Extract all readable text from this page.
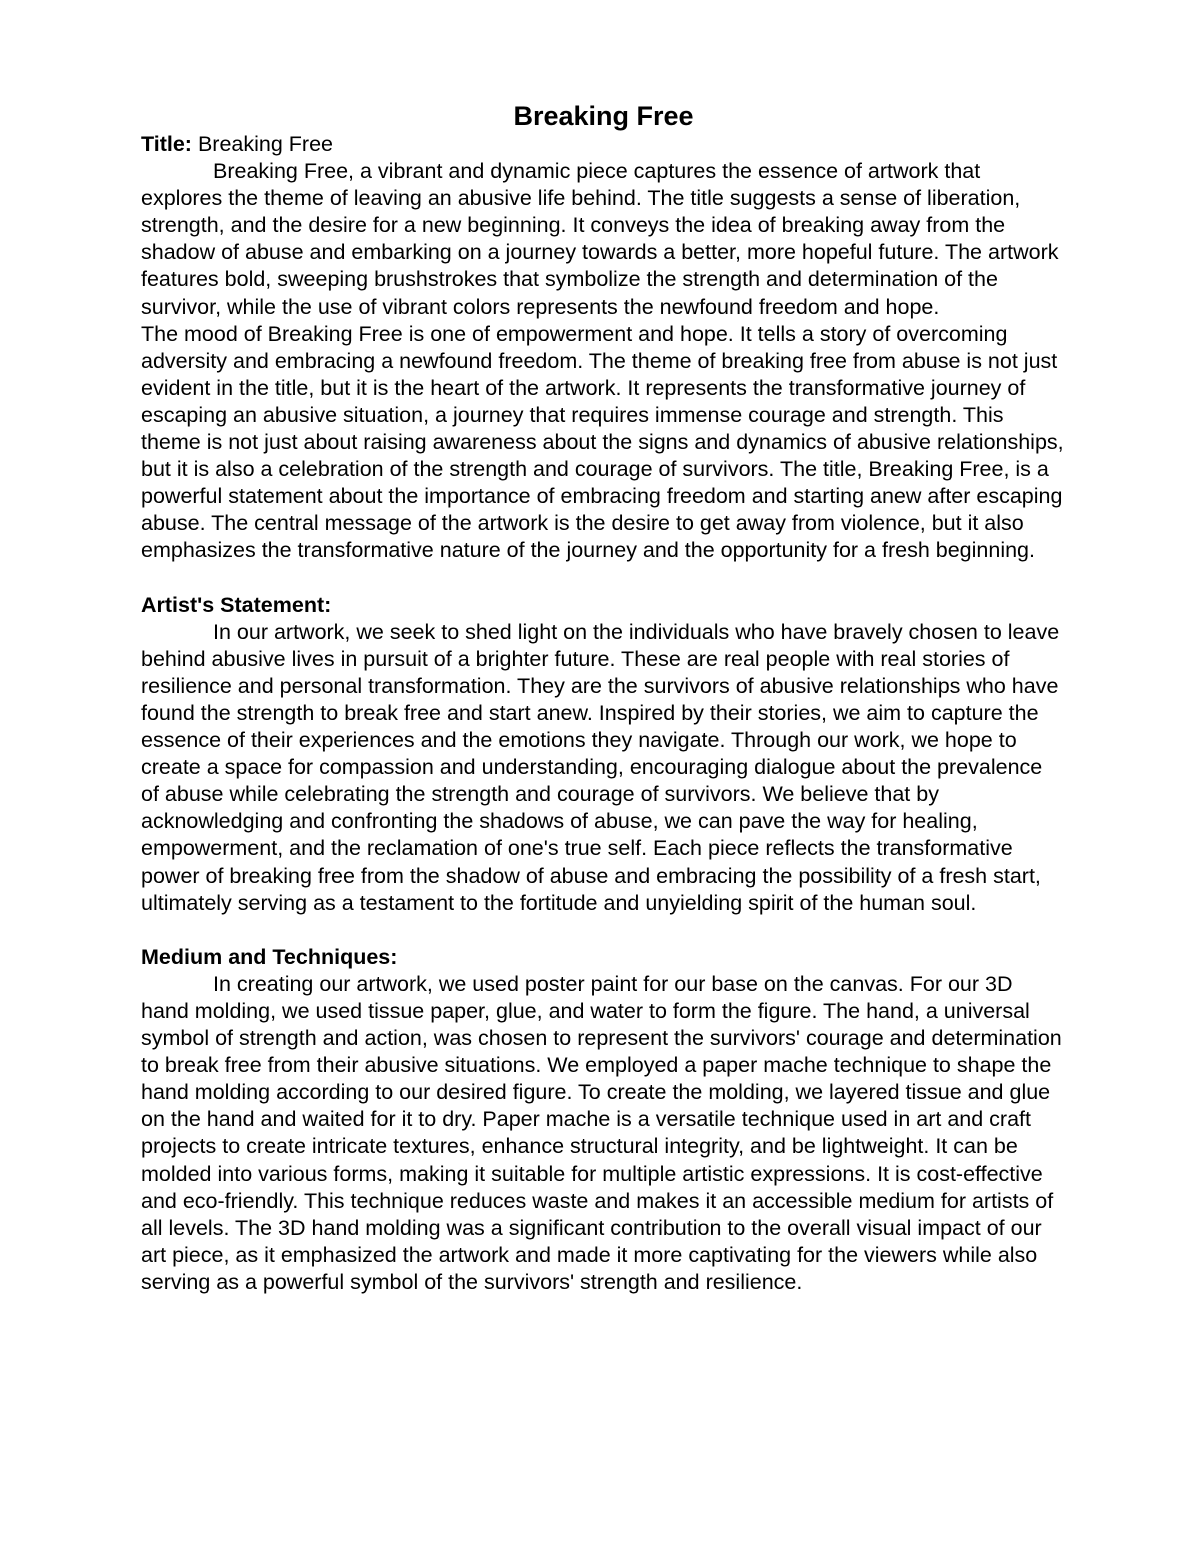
Breaking Free

Title: Breaking Free

Breaking Free, a vibrant and dynamic piece captures the essence of artwork that explores the theme of leaving an abusive life behind. The title suggests a sense of liberation, strength, and the desire for a new beginning. It conveys the idea of breaking away from the shadow of abuse and embarking on a journey towards a better, more hopeful future. The artwork features bold, sweeping brushstrokes that symbolize the strength and determination of the survivor, while the use of vibrant colors represents the newfound freedom and hope.

The mood of Breaking Free is one of empowerment and hope. It tells a story of overcoming adversity and embracing a newfound freedom. The theme of breaking free from abuse is not just evident in the title, but it is the heart of the artwork. It represents the transformative journey of escaping an abusive situation, a journey that requires immense courage and strength. This theme is not just about raising awareness about the signs and dynamics of abusive relationships, but it is also a celebration of the strength and courage of survivors. The title, Breaking Free, is a powerful statement about the importance of embracing freedom and starting anew after escaping abuse. The central message of the artwork is the desire to get away from violence, but it also emphasizes the transformative nature of the journey and the opportunity for a fresh beginning.

Artist's Statement:

In our artwork, we seek to shed light on the individuals who have bravely chosen to leave behind abusive lives in pursuit of a brighter future. These are real people with real stories of resilience and personal transformation. They are the survivors of abusive relationships who have found the strength to break free and start anew. Inspired by their stories, we aim to capture the essence of their experiences and the emotions they navigate. Through our work, we hope to create a space for compassion and understanding, encouraging dialogue about the prevalence of abuse while celebrating the strength and courage of survivors. We believe that by acknowledging and confronting the shadows of abuse, we can pave the way for healing, empowerment, and the reclamation of one's true self. Each piece reflects the transformative power of breaking free from the shadow of abuse and embracing the possibility of a fresh start, ultimately serving as a testament to the fortitude and unyielding spirit of the human soul.

Medium and Techniques:

In creating our artwork, we used poster paint for our base on the canvas. For our 3D hand molding, we used tissue paper, glue, and water to form the figure. The hand, a universal symbol of strength and action, was chosen to represent the survivors' courage and determination to break free from their abusive situations. We employed a paper mache technique to shape the hand molding according to our desired figure. To create the molding, we layered tissue and glue on the hand and waited for it to dry. Paper mache is a versatile technique used in art and craft projects to create intricate textures, enhance structural integrity, and be lightweight. It can be molded into various forms, making it suitable for multiple artistic expressions. It is cost-effective and eco-friendly. This technique reduces waste and makes it an accessible medium for artists of all levels. The 3D hand molding was a significant contribution to the overall visual impact of our art piece, as it emphasized the artwork and made it more captivating for the viewers while also serving as a powerful symbol of the survivors' strength and resilience.
